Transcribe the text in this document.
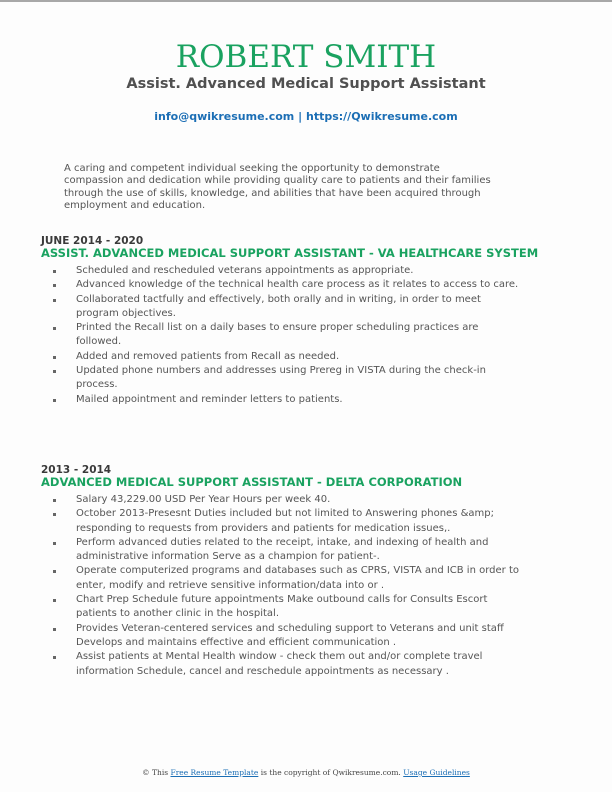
ROBERT SMITH
Assist. Advanced Medical Support Assistant
info@qwikresume.com | https://Qwikresume.com
A caring and competent individual seeking the opportunity to demonstrate compassion and dedication while providing quality care to patients and their families through the use of skills, knowledge, and abilities that have been acquired through employment and education.
JUNE 2014 - 2020
ASSIST. ADVANCED MEDICAL SUPPORT ASSISTANT - VA HEALTHCARE SYSTEM
Scheduled and rescheduled veterans appointments as appropriate.
Advanced knowledge of the technical health care process as it relates to access to care.
Collaborated tactfully and effectively, both orally and in writing, in order to meet program objectives.
Printed the Recall list on a daily bases to ensure proper scheduling practices are followed.
Added and removed patients from Recall as needed.
Updated phone numbers and addresses using Prereg in VISTA during the check-in process.
Mailed appointment and reminder letters to patients.
2013 - 2014
ADVANCED MEDICAL SUPPORT ASSISTANT - DELTA CORPORATION
Salary 43,229.00 USD Per Year Hours per week 40.
October 2013-Presesnt Duties included but not limited to Answering phones &amp; responding to requests from providers and patients for medication issues,.
Perform advanced duties related to the receipt, intake, and indexing of health and administrative information Serve as a champion for patient-.
Operate computerized programs and databases such as CPRS, VISTA and ICB in order to enter, modify and retrieve sensitive information/data into or .
Chart Prep Schedule future appointments Make outbound calls for Consults Escort patients to another clinic in the hospital.
Provides Veteran-centered services and scheduling support to Veterans and unit staff Develops and maintains effective and efficient communication .
Assist patients at Mental Health window - check them out and/or complete travel information Schedule, cancel and reschedule appointments as necessary .
© This Free Resume Template is the copyright of Qwikresume.com. Usage Guidelines
